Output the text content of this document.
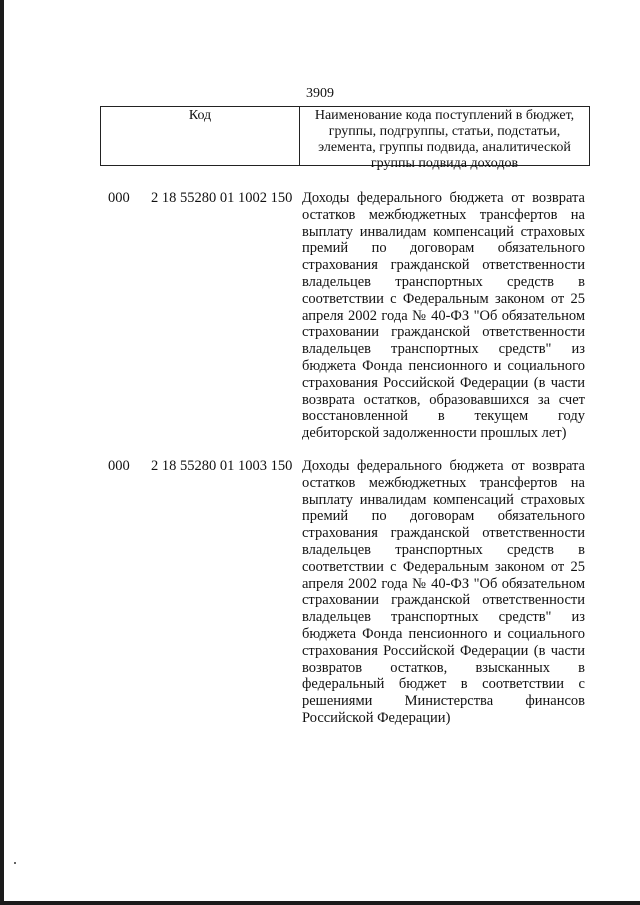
3909
Код	Наименование кода поступлений в бюджет, группы, подгруппы, статьи, подстатьи, элемента, группы подвида, аналитической группы подвида доходов
000 2 18 55280 01 1002 150 Доходы федерального бюджета от возврата остатков межбюджетных трансфертов на выплату инвалидам компенсаций страховых премий по договорам обязательного страхования гражданской ответственности владельцев транспортных средств в соответствии с Федеральным законом от 25 апреля 2002 года № 40-ФЗ "Об обязательном страховании гражданской ответственности владельцев транспортных средств" из бюджета Фонда пенсионного и социального страхования Российской Федерации (в части возврата остатков, образовавшихся за счет восстановленной в текущем году дебиторской задолженности прошлых лет)
000 2 18 55280 01 1003 150 Доходы федерального бюджета от возврата остатков межбюджетных трансфертов на выплату инвалидам компенсаций страховых премий по договорам обязательного страхования гражданской ответственности владельцев транспортных средств в соответствии с Федеральным законом от 25 апреля 2002 года № 40-ФЗ "Об обязательном страховании гражданской ответственности владельцев транспортных средств" из бюджета Фонда пенсионного и социального страхования Российской Федерации (в части возвратов остатков, взысканных в федеральный бюджет в соответствии с решениями Министерства финансов Российской Федерации)
